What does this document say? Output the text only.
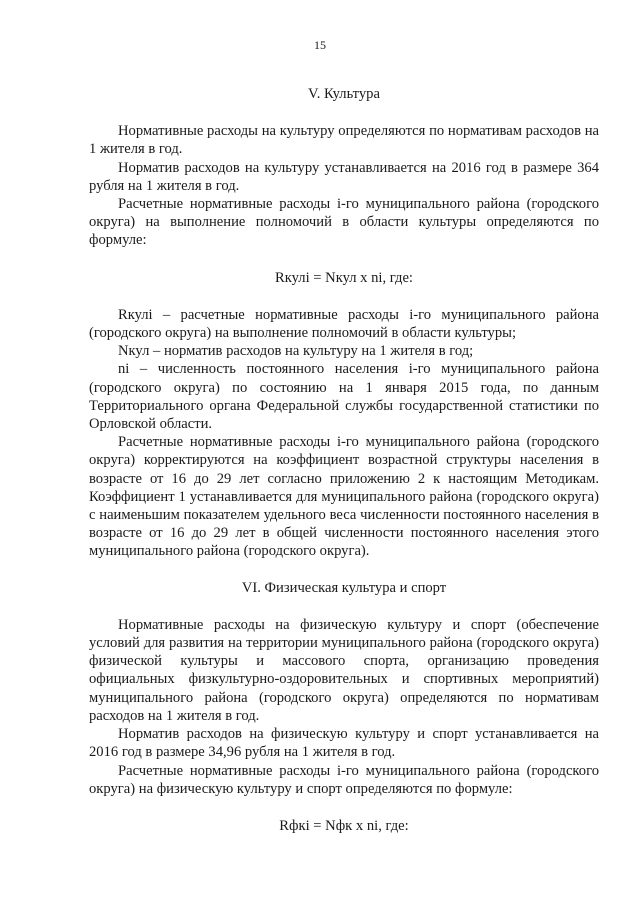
15
V. Культура

Нормативные расходы на культуру определяются по нормативам расходов на 1 жителя в год.

Норматив расходов на культуру устанавливается на 2016 год в размере 364 рубля на 1 жителя в год.

Расчетные нормативные расходы i-го муниципального района (городского округа) на выполнение полномочий в области культуры определяются по формуле:

Rкулi = Nкул x ni, где:

Rкулi – расчетные нормативные расходы i-го муниципального района (городского округа) на выполнение полномочий в области культуры;

Nкул – норматив расходов на культуру на 1 жителя в год;

ni – численность постоянного населения i-го муниципального района (городского округа) по состоянию на 1 января 2015 года, по данным Территориального органа Федеральной службы государственной статистики по Орловской области.

Расчетные нормативные расходы i-го муниципального района (городского округа) корректируются на коэффициент возрастной структуры населения в возрасте от 16 до 29 лет согласно приложению 2 к настоящим Методикам. Коэффициент 1 устанавливается для муниципального района (городского округа) с наименьшим показателем удельного веса численности постоянного населения в возрасте от 16 до 29 лет в общей численности постоянного населения этого муниципального района (городского округа).

VI. Физическая культура и спорт

Нормативные расходы на физическую культуру и спорт (обеспечение условий для развития на территории муниципального района (городского округа) физической культуры и массового спорта, организацию проведения официальных физкультурно-оздоровительных и спортивных мероприятий) муниципального района (городского округа) определяются по нормативам расходов на 1 жителя в год.

Норматив расходов на физическую культуру и спорт устанавливается на 2016 год в размере 34,96 рубля на 1 жителя в год.

Расчетные нормативные расходы i-го муниципального района (городского округа) на физическую культуру и спорт определяются по формуле:

Rфкi = Nфк x ni, где:
